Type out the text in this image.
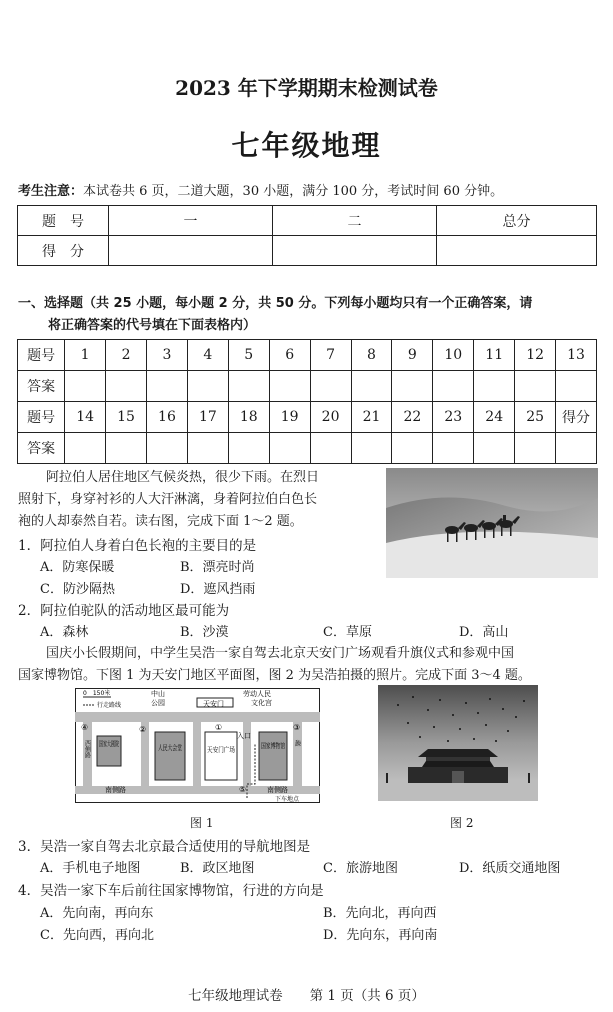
2023 年下学期期末检测试卷
七年级地理
考生注意：本试卷共 6 页，二道大题，30 小题，满分 100 分，考试时间 60 分钟。
题　号	一	二	总分
得　分			
一、选择题（共 25 小题，每小题 2 分，共 50 分。下列每小题均只有一个正确答案，请
将正确答案的代号填在下面表格内）
题号	1	2	3	4	5	6	7	8	9	10	11	12	13
答案													
题号	14	15	16	17	18	19	20	21	22	23	24	25	得分
答案													
阿拉伯人居住地区气候炎热，很少下雨。在烈日
照射下，身穿衬衫的人大汗淋漓，身着阿拉伯白色长
袍的人却泰然自若。读右图，完成下面 1～2 题。
1．阿拉伯人身着白色长袍的主要目的是
A．防寒保暖	B．漂亮时尚
C．防沙隔热	D．遮风挡雨
2．阿拉伯驼队的活动地区最可能为
A．森林	B．沙漠	C．草原	D．高山
国庆小长假期间，中学生吴浩一家自驾去北京天安门广场观看升旗仪式和参观中国
国家博物馆。下图 1 为天安门地区平面图，图 2 为吴浩拍摄的照片。完成下面 3～4 题。
0　150米
行走路线
中山
公园	天安门
劳动人民
文化宫
国家大剧院	人民大会堂 天安门广场	国家博物馆
入口
南侧路	南侧路
西侧路
下车地点
④	②	①	③
⑤
图 1	图 2
3．吴浩一家自驾去北京最合适使用的导航地图是
A．手机电子地图	B．政区地图	C．旅游地图	D．纸质交通地图
4．吴浩一家下车后前往国家博物馆，行进的方向是
A．先向南，再向东	B．先向北，再向西
C．先向西，再向北	D．先向东，再向南
七年级地理试卷　　第 1 页（共 6 页）
